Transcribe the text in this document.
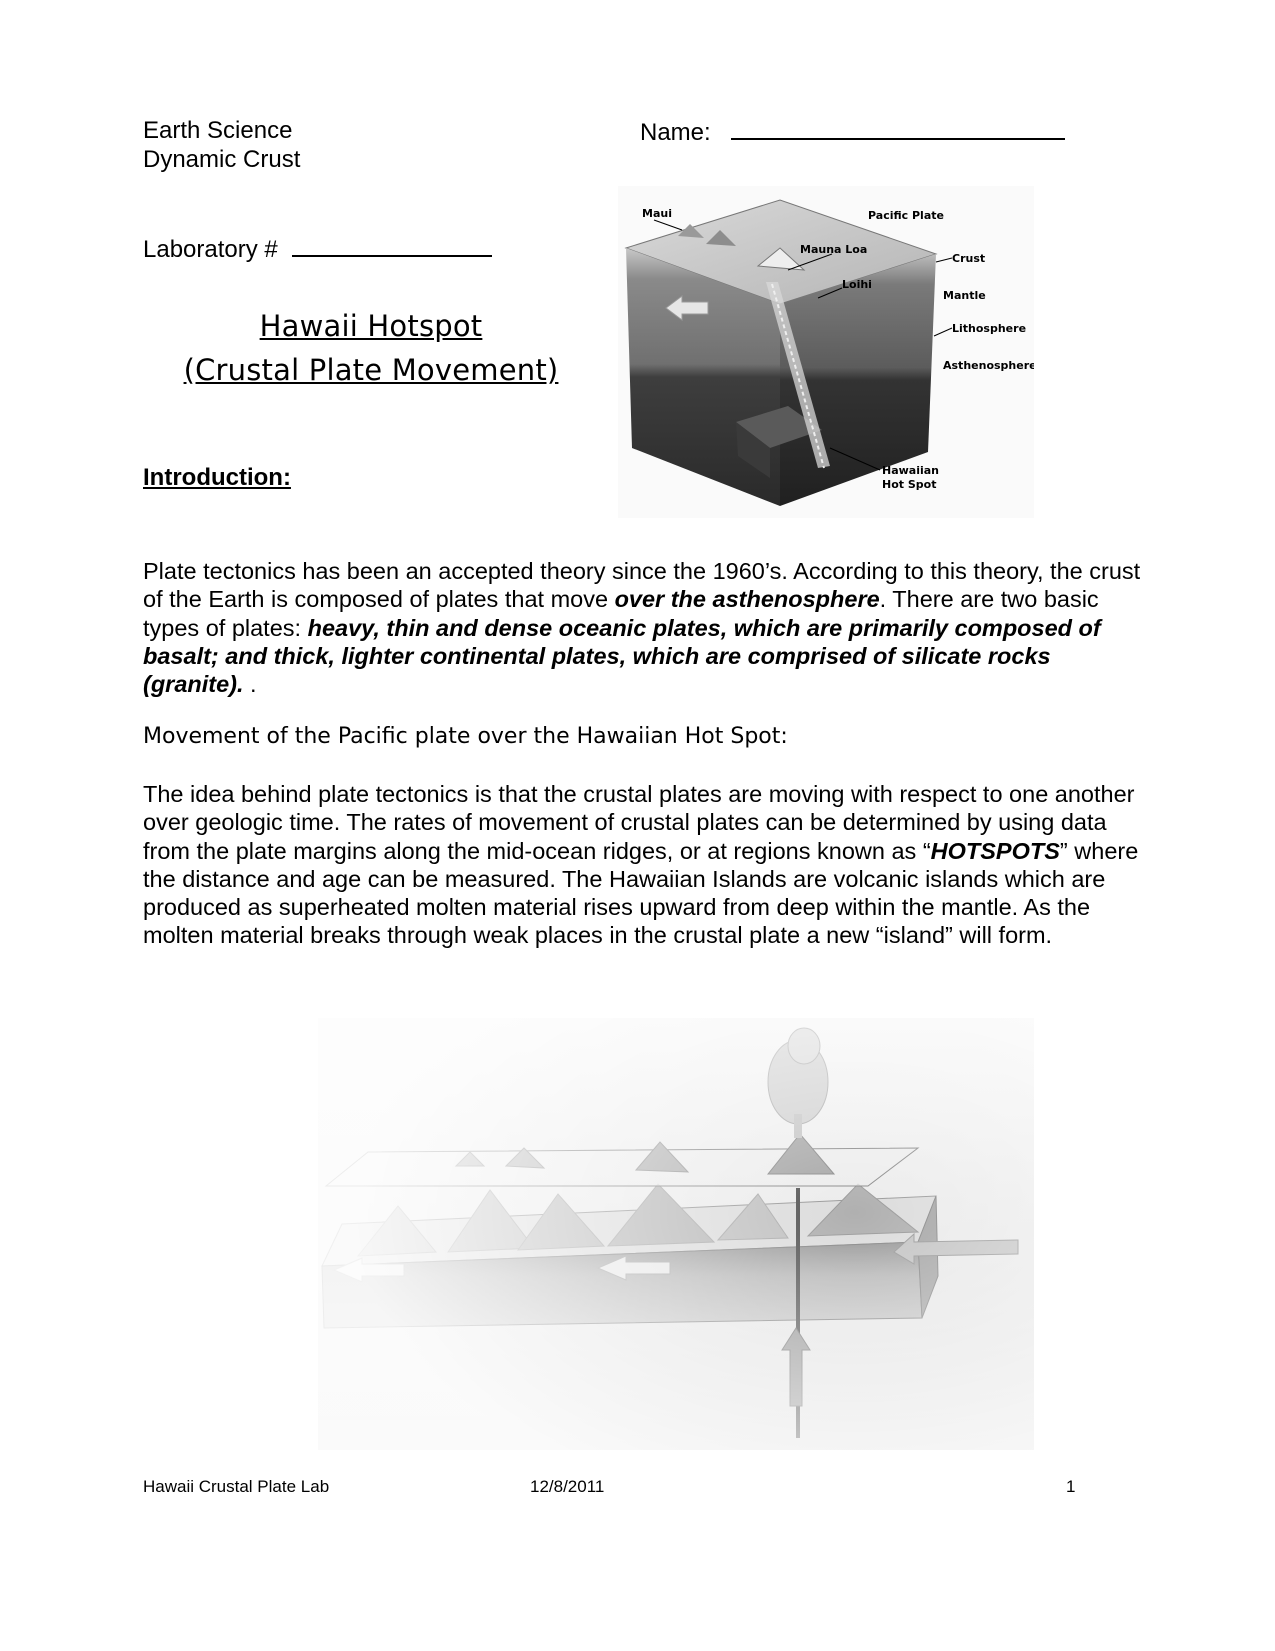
Earth Science
Dynamic Crust
Name:
Laboratory #
Hawaii Hotspot
(Crustal Plate Movement)
Introduction:
Maui	Pacific Plate
Mauna Loa
Crust
Loihi
Mantle
Lithosphere
Asthenosphere
Hawaiian
Hot Spot
Plate tectonics has been an accepted theory since the 1960’s. According to this theory, the crust of the Earth is composed of plates that move over the asthenosphere. There are two basic types of plates: heavy, thin and dense oceanic plates, which are primarily composed of basalt; and thick, lighter continental plates, which are comprised of silicate rocks (granite). .
Movement of the Pacific plate over the Hawaiian Hot Spot:
The idea behind plate tectonics is that the crustal plates are moving with respect to one another over geologic time. The rates of movement of crustal plates can be determined by using data from the plate margins along the mid-ocean ridges, or at regions known as “HOTSPOTS” where the distance and age can be measured. The Hawaiian Islands are volcanic islands which are produced as superheated molten material rises upward from deep within the mantle. As the molten material breaks through weak places in the crustal plate a new “island” will form.
Hawaii Crustal Plate Lab	12/8/2011	1
